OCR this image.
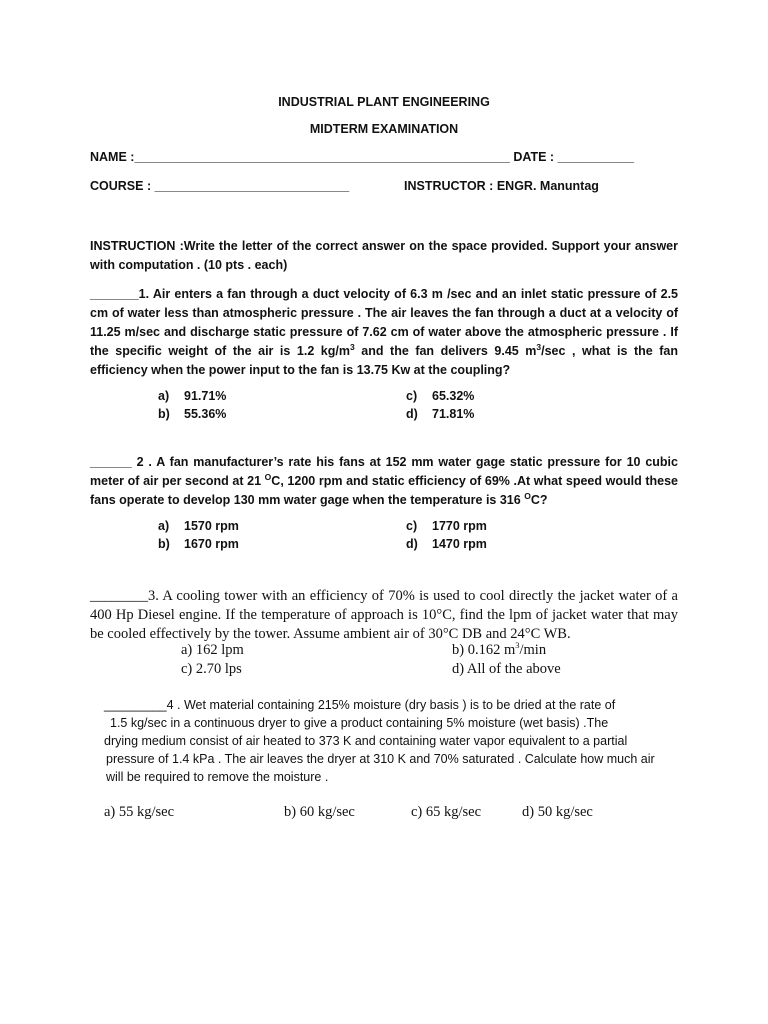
INDUSTRIAL PLANT ENGINEERING
MIDTERM EXAMINATION
NAME :______________________________________________________ DATE : ___________
COURSE : ____________________________	INSTRUCTOR : ENGR. Manuntag
INSTRUCTION :Write the letter of the correct answer on the space provided. Support your answer with computation . (10 pts . each)
_______1. Air enters a fan through a duct velocity of 6.3 m /sec and an inlet static pressure of 2.5 cm of water less than atmospheric pressure . The air leaves the fan through a duct at a velocity of 11.25 m/sec and discharge static pressure of 7.62 cm of water above the atmospheric pressure . If the specific weight of the air is 1.2 $kg/m^3$ and the fan delivers 9.45 $m^3/\sec$ , what is the fan efficiency when the power input to the fan is 13.75 Kw at the coupling?
a) 91.71%
b) 55.36%
c) 65.32%
d) 71.81%
______ 2 . A fan manufacturer’s rate his fans at 152 mm water gage static pressure for 10 cubic meter of air per second at 21 $^O$C, 1200 rpm and static efficiency of 69% .At what speed would these fans operate to develop 130 mm water gage when the temperature is 316 $^O$C?
a) 1570 rpm
b) 1670 rpm
c) 1770 rpm
d) 1470 rpm
________3. A cooling tower with an efficiency of 70% is used to cool directly the jacket water of a 400 Hp Diesel engine. If the temperature of approach is 10°C, find the lpm of jacket water that may be cooled effectively by the tower. Assume ambient air of 30°C DB and 24°C WB.
a) 162 lpm	b) 0.162 $m^3/\min$
c) 2.70 lps	d) All of the above
_________4 . Wet material containing 215% moisture (dry basis ) is to be dried at the rate of
1.5 kg/sec in a continuous dryer to give a product containing 5% moisture (wet basis) .The
drying medium consist of air heated to 373 K and containing water vapor equivalent to a partial
pressure of 1.4 kPa . The air leaves the dryer at 310 K and 70% saturated . Calculate how much air
will be required to remove the moisture .
a) 55 kg/sec	b) 60 kg/sec	c) 65 kg/sec	d) 50 kg/sec
